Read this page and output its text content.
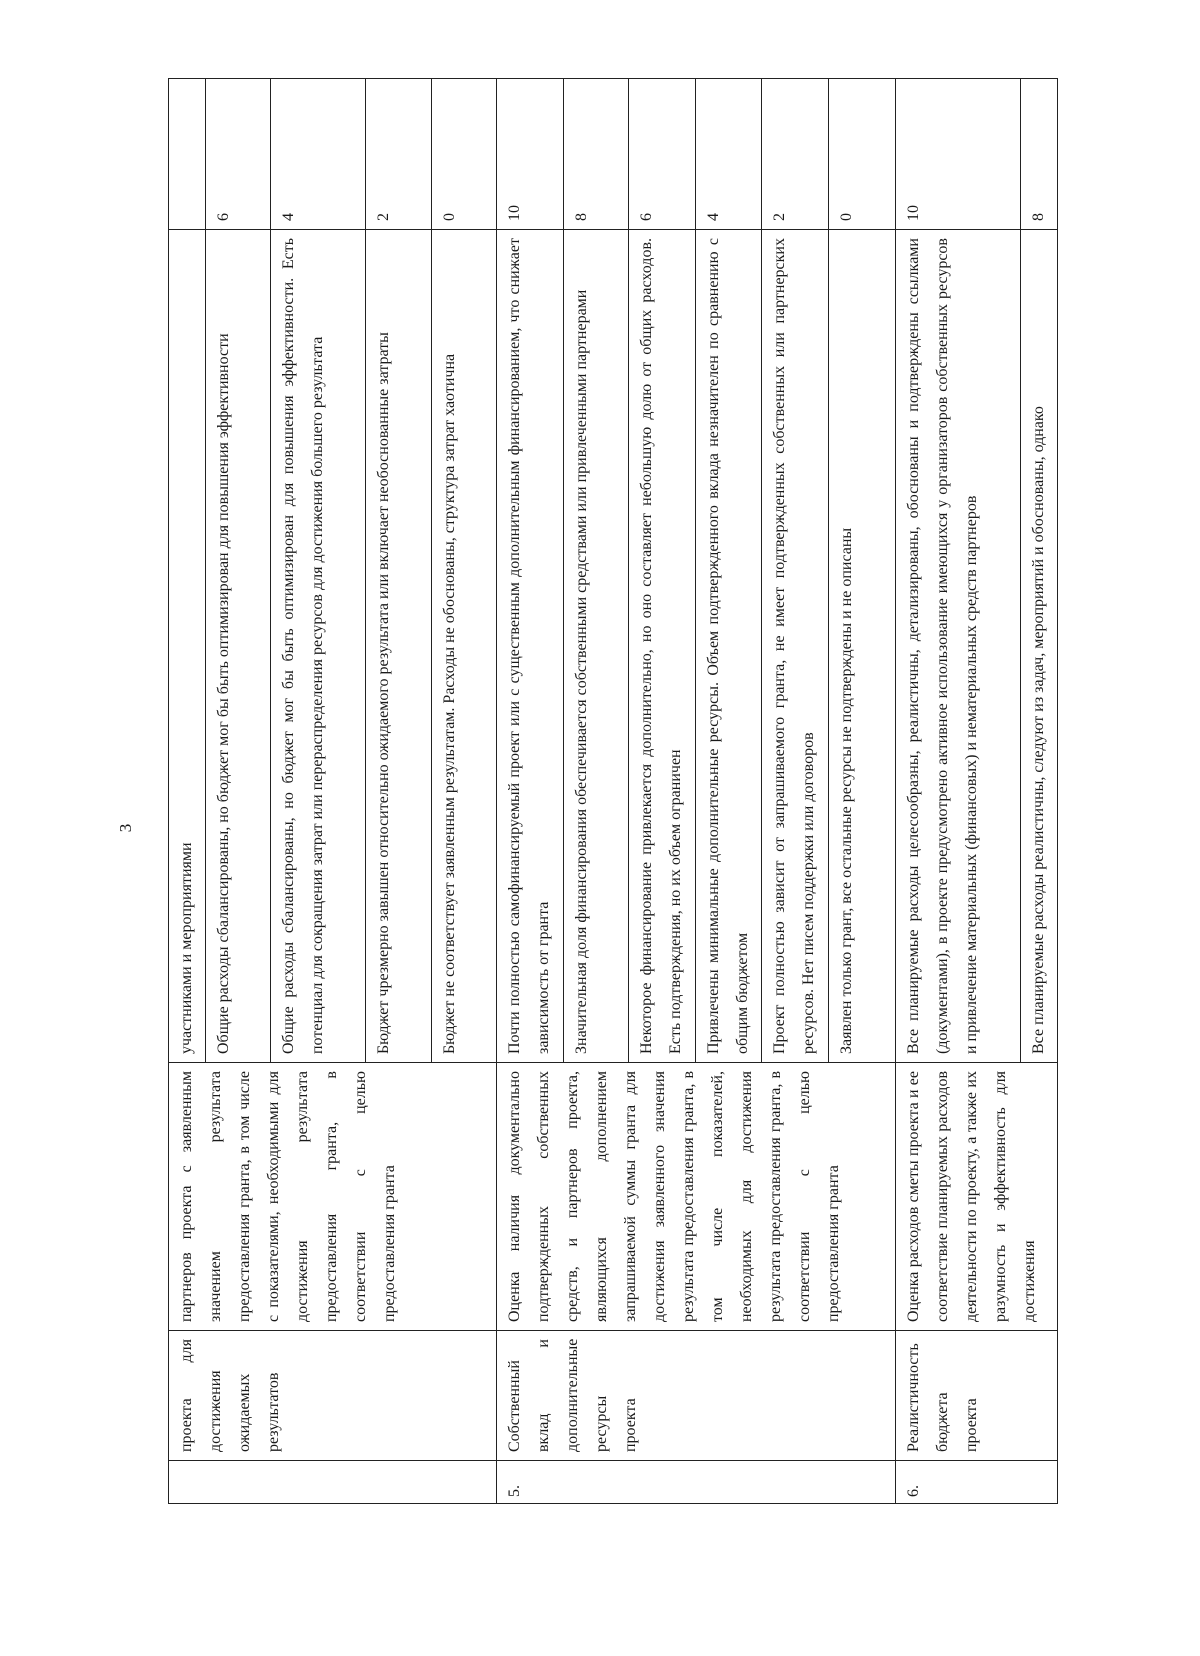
3
	проекта для достижения ожидаемых результатов	партнеров проекта с заявленным значением результата предоставления гранта, в том числе с показателями, необходимыми для достижения результата предоставления гранта, в соответствии с целью предоставления гранта	участниками и мероприятиями	
			Общие расходы сбалансированы, но бюджет мог бы быть оптимизирован для повышения эффективности	6
			Общие расходы сбалансированы, но бюджет мог бы быть оптимизирован для повышения эффективности. Есть потенциал для сокращения затрат или перераспределения ресурсов для достижения большего результата	4
			Бюджет чрезмерно завышен относительно ожидаемого результата или включает необоснованные затраты	2
			Бюджет не соответствует заявленным результатам. Расходы не обоснованы, структура затрат хаотична	0
5.	Собственный вклад и дополнительные ресурсы проекта	Оценка наличия документально подтвержденных собственных средств, и партнеров проекта, являющихся дополнением запрашиваемой суммы гранта для достижения заявленного значения результата предоставления гранта, в том числе показателей, необходимых для достижения результата предоставления гранта, в соответствии с целью предоставления гранта	Почти полностью самофинансируемый проект или с существенным дополнительным финансированием, что снижает зависимость от гранта	10
			Значительная доля финансирования обеспечивается собственными средствами или привлеченными партнерами	8
			Некоторое финансирование привлекается дополнительно, но оно составляет небольшую долю от общих расходов. Есть подтверждения, но их объем ограничен	6
			Привлечены минимальные дополнительные ресурсы. Объем подтвержденного вклада незначителен по сравнению с общим бюджетом	4
			Проект полностью зависит от запрашиваемого гранта, не имеет подтвержденных собственных или партнерских ресурсов. Нет писем поддержки или договоров	2
			Заявлен только грант, все остальные ресурсы не подтверждены и не описаны	0
6.	Реалистичность бюджета проекта	Оценка расходов сметы проекта и ее соответствие планируемых расходов деятельности по проекту, а также их разумность и эффективность для достижения	Все планируемые расходы целесообразны, реалистичны, детализированы, обоснованы и подтверждены ссылками (документами), в проекте предусмотрено активное использование имеющихся у организаторов собственных ресурсов и привлечение материальных (финансовых) и нематериальных средств партнеров	10
			Все планируемые расходы реалистичны, следуют из задач, мероприятий и обоснованы, однако	8
